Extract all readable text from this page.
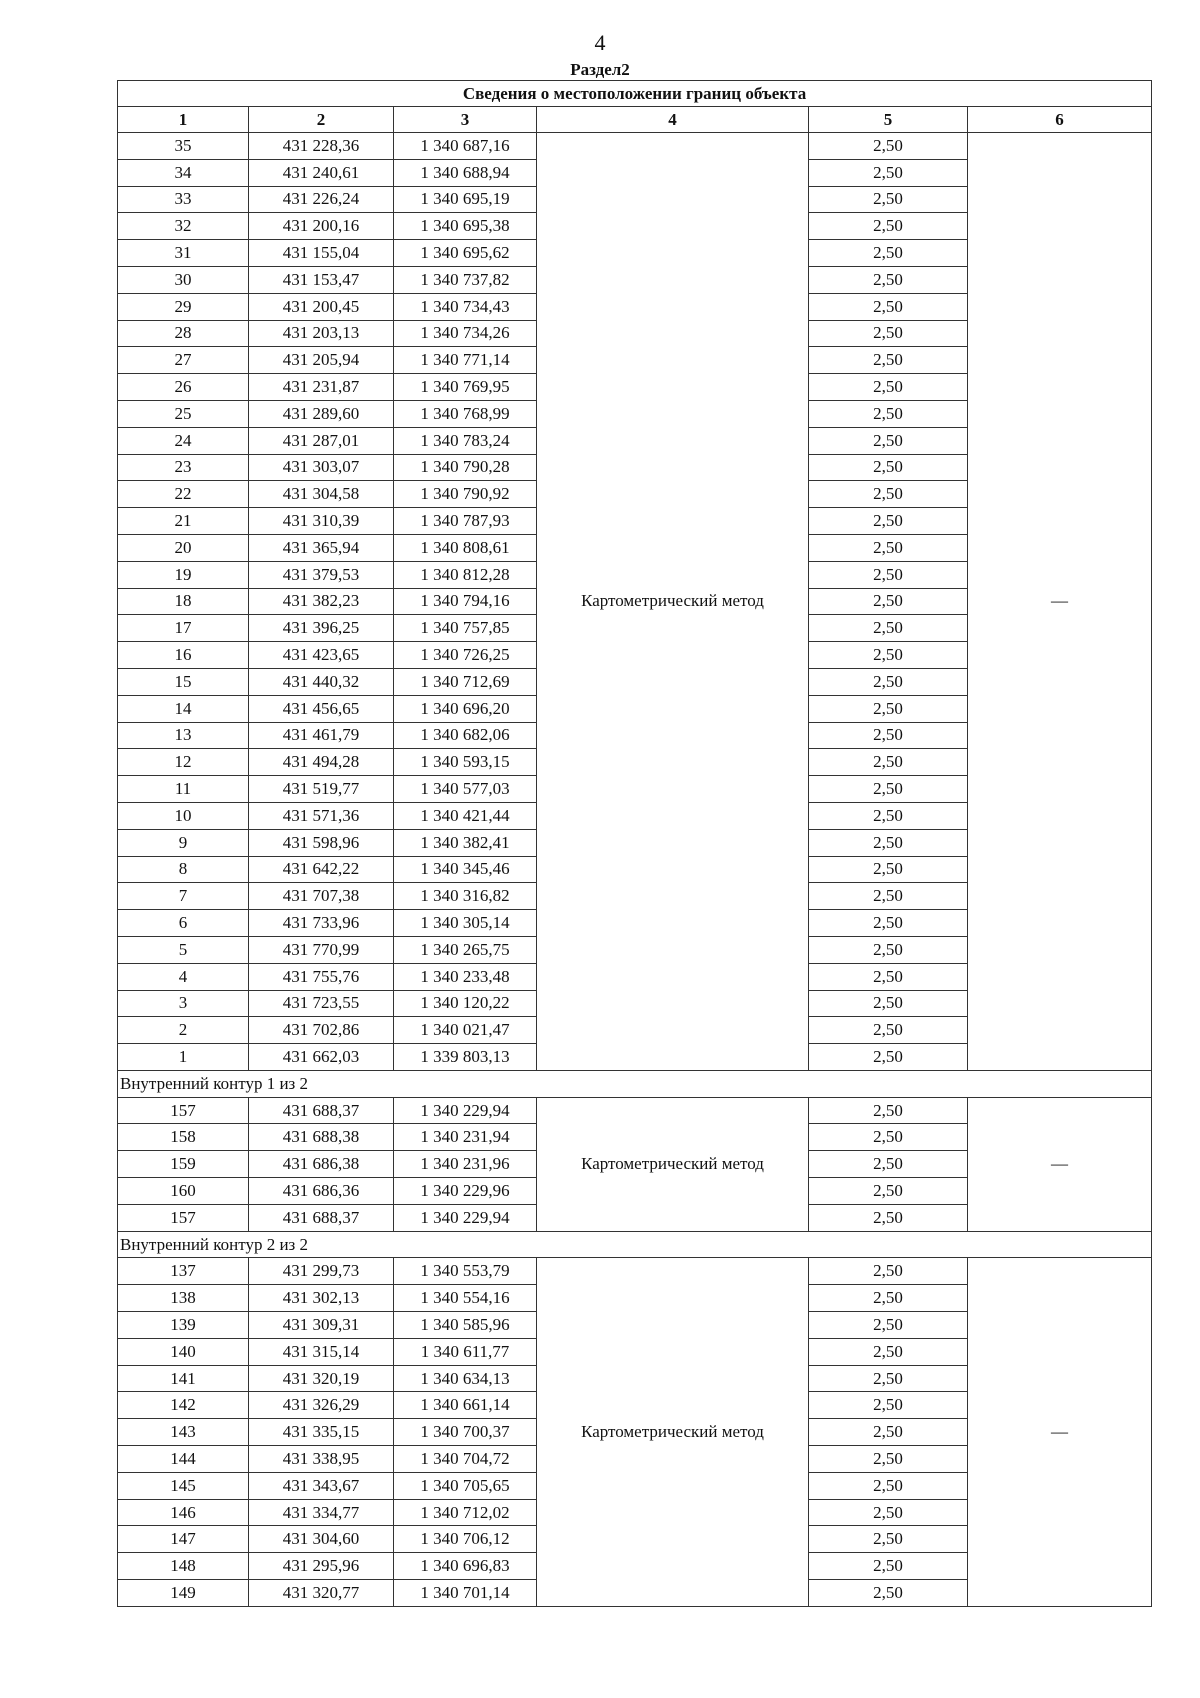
4
Раздел2
Сведения о местоположении границ объекта					
1	2	3	4	5	6
35	431 228,36	1 340 687,16	Картометрический метод	2,50	—
34	431 240,61	1 340 688,94		2,50	
33	431 226,24	1 340 695,19		2,50	
32	431 200,16	1 340 695,38		2,50	
31	431 155,04	1 340 695,62		2,50	
30	431 153,47	1 340 737,82		2,50	
29	431 200,45	1 340 734,43		2,50	
28	431 203,13	1 340 734,26		2,50	
27	431 205,94	1 340 771,14		2,50	
26	431 231,87	1 340 769,95		2,50	
25	431 289,60	1 340 768,99		2,50	
24	431 287,01	1 340 783,24		2,50	
23	431 303,07	1 340 790,28		2,50	
22	431 304,58	1 340 790,92		2,50	
21	431 310,39	1 340 787,93		2,50	
20	431 365,94	1 340 808,61		2,50	
19	431 379,53	1 340 812,28		2,50	
18	431 382,23	1 340 794,16		2,50	
17	431 396,25	1 340 757,85		2,50	
16	431 423,65	1 340 726,25		2,50	
15	431 440,32	1 340 712,69		2,50	
14	431 456,65	1 340 696,20		2,50	
13	431 461,79	1 340 682,06		2,50	
12	431 494,28	1 340 593,15		2,50	
11	431 519,77	1 340 577,03		2,50	
10	431 571,36	1 340 421,44		2,50	
9	431 598,96	1 340 382,41		2,50	
8	431 642,22	1 340 345,46		2,50	
7	431 707,38	1 340 316,82		2,50	
6	431 733,96	1 340 305,14		2,50	
5	431 770,99	1 340 265,75		2,50	
4	431 755,76	1 340 233,48		2,50	
3	431 723,55	1 340 120,22		2,50	
2	431 702,86	1 340 021,47		2,50	
1	431 662,03	1 339 803,13		2,50	
Внутренний контур 1 из 2					
157	431 688,37	1 340 229,94	Картометрический метод	2,50	—
158	431 688,38	1 340 231,94		2,50	
159	431 686,38	1 340 231,96		2,50	
160	431 686,36	1 340 229,96		2,50	
157	431 688,37	1 340 229,94		2,50	
Внутренний контур 2 из 2					
137	431 299,73	1 340 553,79	Картометрический метод	2,50	—
138	431 302,13	1 340 554,16		2,50	
139	431 309,31	1 340 585,96		2,50	
140	431 315,14	1 340 611,77		2,50	
141	431 320,19	1 340 634,13		2,50	
142	431 326,29	1 340 661,14		2,50	
143	431 335,15	1 340 700,37		2,50	
144	431 338,95	1 340 704,72		2,50	
145	431 343,67	1 340 705,65		2,50	
146	431 334,77	1 340 712,02		2,50	
147	431 304,60	1 340 706,12		2,50	
148	431 295,96	1 340 696,83		2,50	
149	431 320,77	1 340 701,14		2,50	
